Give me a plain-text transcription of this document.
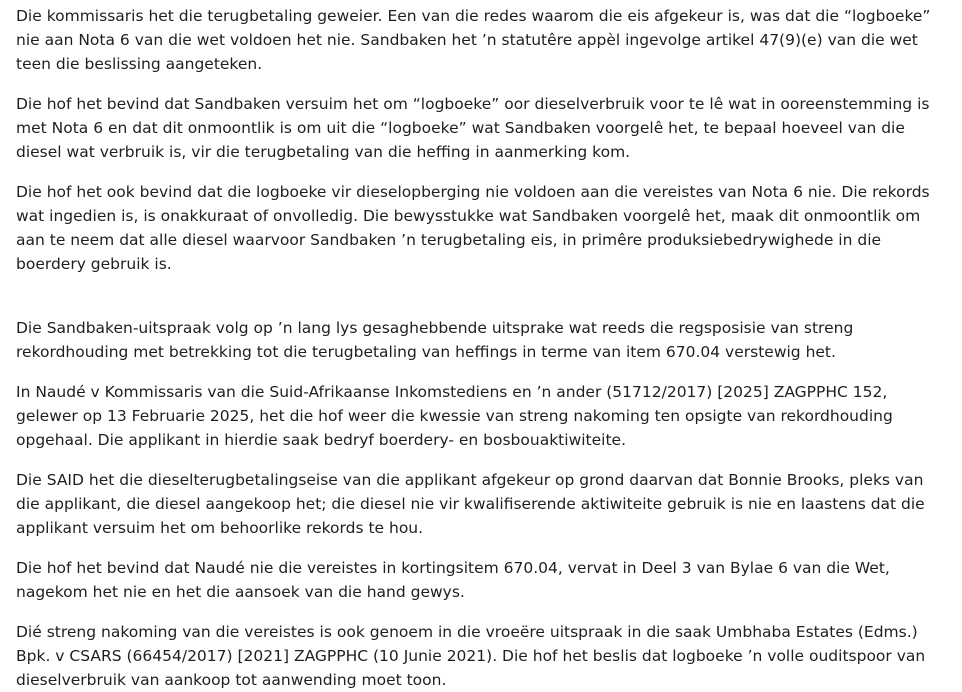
Die kommissaris het die terugbetaling geweier. Een van die redes waarom die eis afgekeur is, was dat die “logboeke” nie aan Nota 6 van die wet voldoen het nie. Sandbaken het ’n statutêre appèl ingevolge artikel 47(9)(e) van die wet teen die beslissing aangeteken.

Die hof het bevind dat Sandbaken versuim het om “logboeke” oor dieselverbruik voor te lê wat in ooreenstemming is met Nota 6 en dat dit onmoontlik is om uit die “logboeke” wat Sandbaken voorgelê het, te bepaal hoeveel van die diesel wat verbruik is, vir die terugbetaling van die heffing in aanmerking kom.

Die hof het ook bevind dat die logboeke vir dieselopberging nie voldoen aan die vereistes van Nota 6 nie. Die rekords wat ingedien is, is onakkuraat of onvolledig. Die bewysstukke wat Sandbaken voorgelê het, maak dit onmoontlik om aan te neem dat alle diesel waarvoor Sandbaken ’n terugbetaling eis, in primêre produksiebedrywighede in die boerdery gebruik is.

Die Sandbaken-uitspraak volg op ’n lang lys gesaghebbende uitsprake wat reeds die regsposisie van streng rekordhouding met betrekking tot die terugbetaling van heffings in terme van item 670.04 verstewig het.

In Naudé v Kommissaris van die Suid-Afrikaanse Inkomstediens en ’n ander (51712/2017) [2025] ZAGPPHC 152, gelewer op 13 Februarie 2025, het die hof weer die kwessie van streng nakoming ten opsigte van rekordhouding opgehaal. Die applikant in hierdie saak bedryf boerdery- en bosbouaktiwiteite.

Die SAID het die dieselterugbetalingseise van die applikant afgekeur op grond daarvan dat Bonnie Brooks, pleks van die applikant, die diesel aangekoop het; die diesel nie vir kwalifiserende aktiwiteite gebruik is nie en laastens dat die applikant versuim het om behoorlike rekords te hou.

Die hof het bevind dat Naudé nie die vereistes in kortingsitem 670.04, vervat in Deel 3 van Bylae 6 van die Wet, nagekom het nie en het die aansoek van die hand gewys.

Dié streng nakoming van die vereistes is ook genoem in die vroeëre uitspraak in die saak Umbhaba Estates (Edms.) Bpk. v CSARS (66454/2017) [2021] ZAGPPHC (10 Junie 2021). Die hof het beslis dat logboeke ’n volle ouditspoor van dieselverbruik van aankoop tot aanwending moet toon.
